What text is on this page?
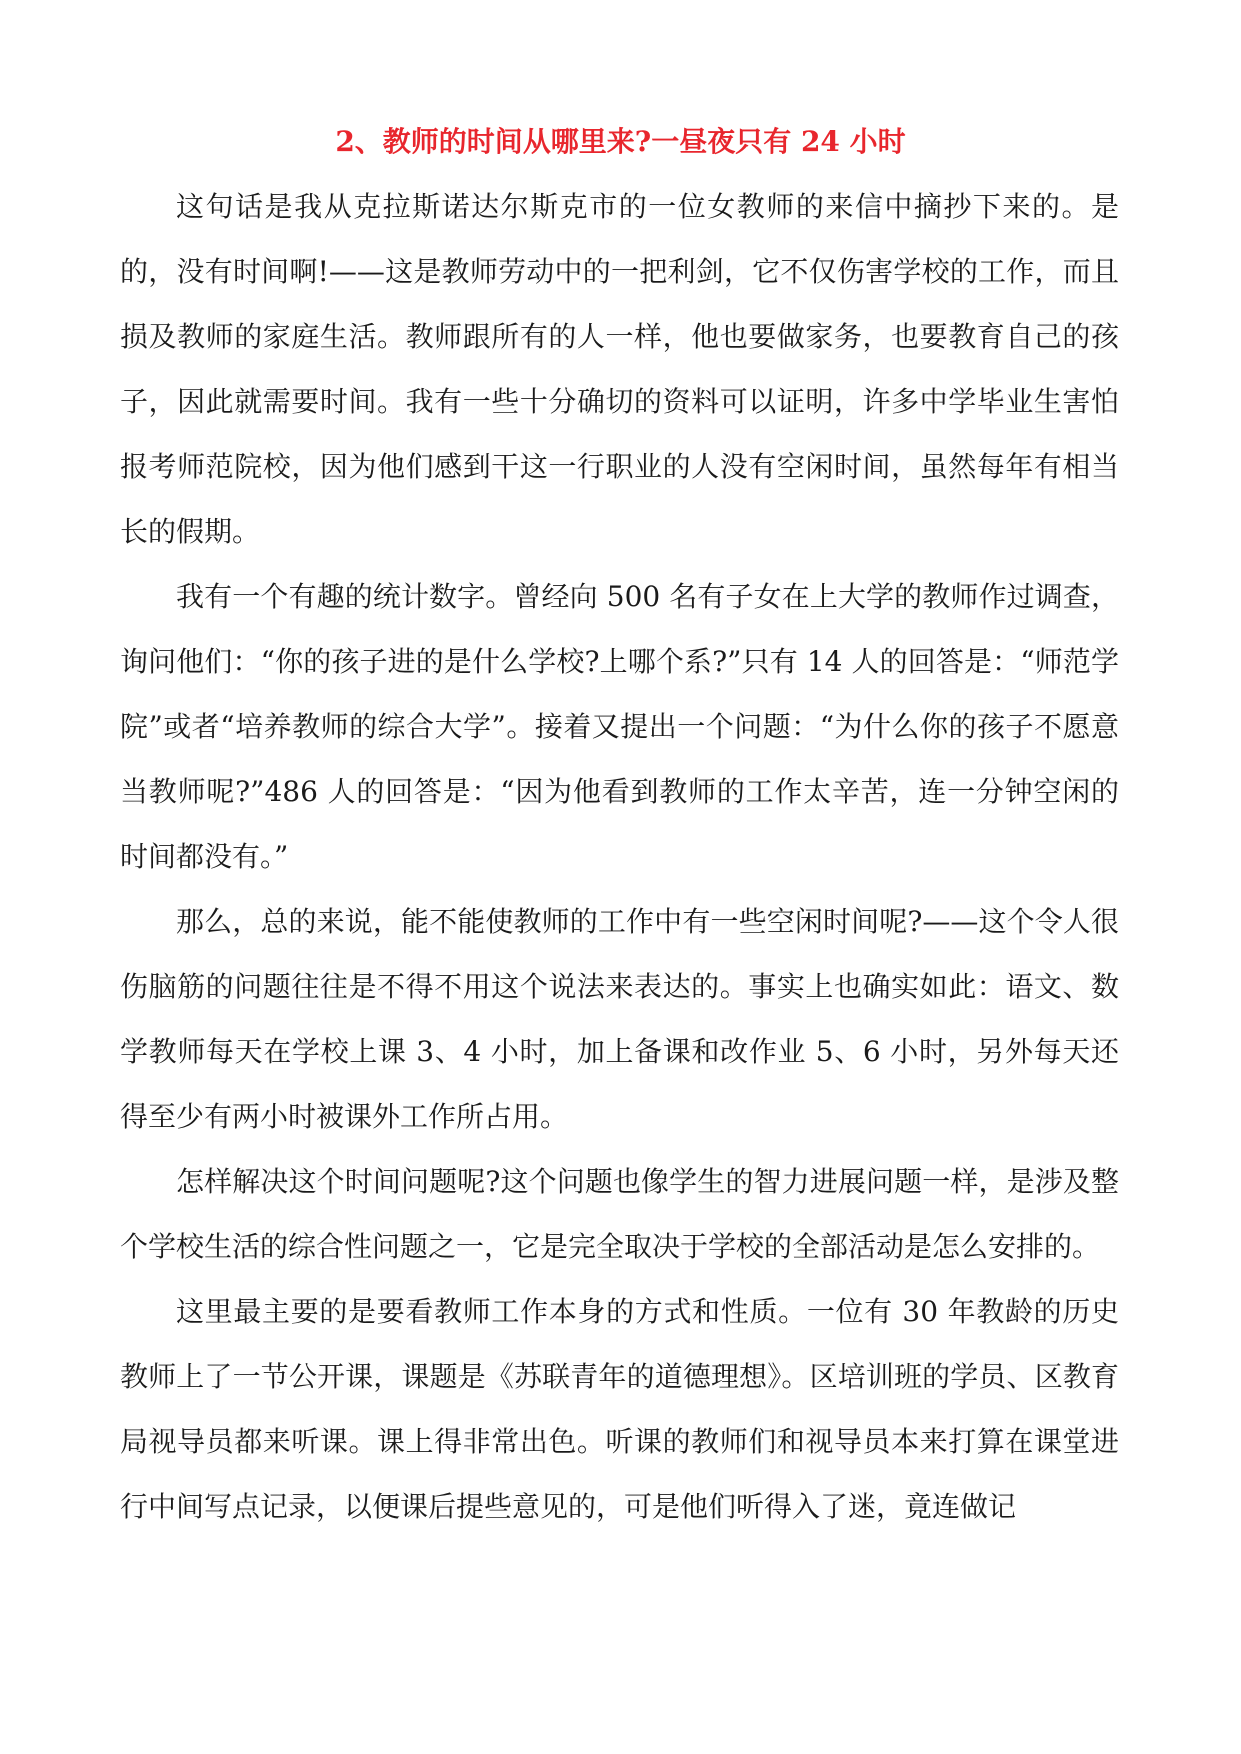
2、教师的时间从哪里来?一昼夜只有 24 小时

这句话是我从克拉斯诺达尔斯克市的一位女教师的来信中摘抄下来的。是的，没有时间啊!——这是教师劳动中的一把利剑，它不仅伤害学校的工作，而且损及教师的家庭生活。教师跟所有的人一样，他也要做家务，也要教育自己的孩子，因此就需要时间。我有一些十分确切的资料可以证明，许多中学毕业生害怕报考师范院校，因为他们感到干这一行职业的人没有空闲时间，虽然每年有相当长的假期。

我有一个有趣的统计数字。曾经向 500 名有子女在上大学的教师作过调查，询问他们：“你的孩子进的是什么学校?上哪个系?”只有 14 人的回答是：“师范学院”或者“培养教师的综合大学”。接着又提出一个问题：“为什么你的孩子不愿意当教师呢?”486 人的回答是：“因为他看到教师的工作太辛苦，连一分钟空闲的时间都没有。”

那么，总的来说，能不能使教师的工作中有一些空闲时间呢?——这个令人很伤脑筋的问题往往是不得不用这个说法来表达的。事实上也确实如此：语文、数学教师每天在学校上课 3、4 小时，加上备课和改作业 5、6 小时，另外每天还得至少有两小时被课外工作所占用。

怎样解决这个时间问题呢?这个问题也像学生的智力进展问题一样，是涉及整个学校生活的综合性问题之一，它是完全取决于学校的全部活动是怎么安排的。

这里最主要的是要看教师工作本身的方式和性质。一位有 30 年教龄的历史教师上了一节公开课，课题是《苏联青年的道德理想》。区培训班的学员、区教育局视导员都来听课。课上得非常出色。听课的教师们和视导员本来打算在课堂进行中间写点记录，以便课后提些意见的，可是他们听得入了迷，竟连做记
